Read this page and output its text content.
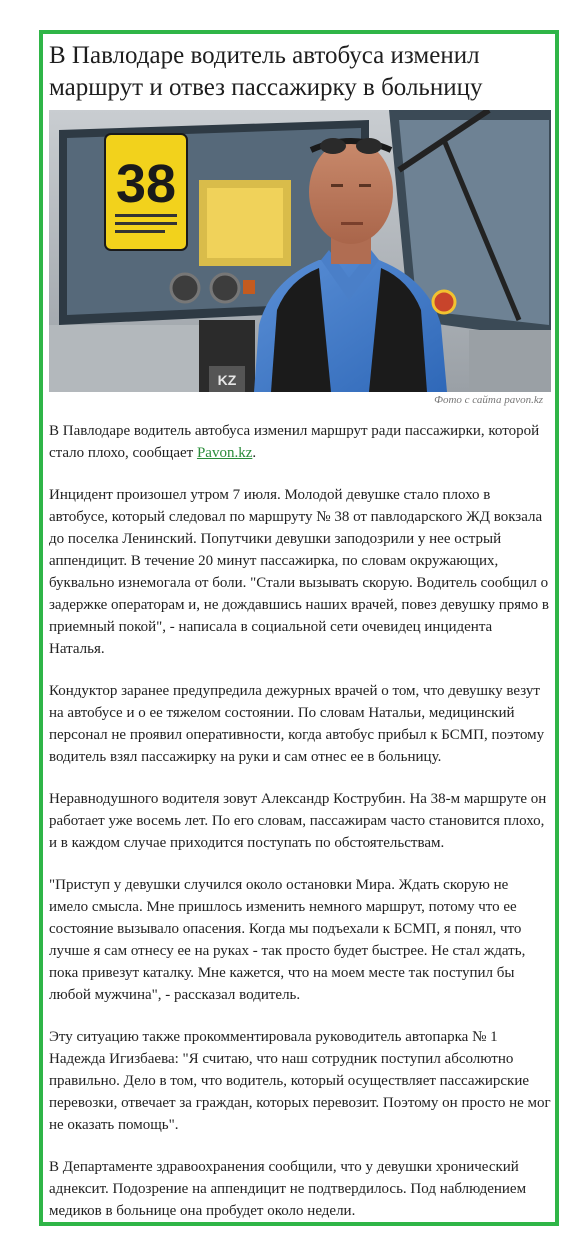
В Павлодаре водитель автобуса изменил маршрут и отвез пассажирку в больницу
38
KZ
Фото с сайта pavon.kz

В Павлодаре водитель автобуса изменил маршрут ради пассажирки, которой стало плохо, сообщает Pavon.kz.

Инцидент произошел утром 7 июля. Молодой девушке стало плохо в автобусе, который следовал по маршруту № 38 от павлодарского ЖД вокзала до поселка Ленинский. Попутчики девушки заподозрили у нее острый аппендицит. В течение 20 минут пассажирка, по словам окружающих, буквально изнемогала от боли. "Стали вызывать скорую. Водитель сообщил о задержке операторам и, не дождавшись наших врачей, повез девушку прямо в приемный покой", - написала в социальной сети очевидец инцидента Наталья.

Кондуктор заранее предупредила дежурных врачей о том, что девушку везут на автобусе и о ее тяжелом состоянии. По словам Натальи, медицинский персонал не проявил оперативности, когда автобус прибыл к БСМП, поэтому водитель взял пассажирку на руки и сам отнес ее в больницу.

Неравнодушного водителя зовут Александр Кострубин. На 38-м маршруте он работает уже восемь лет. По его словам, пассажирам часто становится плохо, и в каждом случае приходится поступать по обстоятельствам.

"Приступ у девушки случился около остановки Мира. Ждать скорую не имело смысла. Мне пришлось изменить немного маршрут, потому что ее состояние вызывало опасения. Когда мы подъехали к БСМП, я понял, что лучше я сам отнесу ее на руках - так просто будет быстрее. Не стал ждать, пока привезут каталку. Мне кажется, что на моем месте так поступил бы любой мужчина", - рассказал водитель.

Эту ситуацию также прокомментировала руководитель автопарка № 1 Надежда Игизбаева: "Я считаю, что наш сотрудник поступил абсолютно правильно. Дело в том, что водитель, который осуществляет пассажирские перевозки, отвечает за граждан, которых перевозит. Поэтому он просто не мог не оказать помощь".

В Департаменте здравоохранения сообщили, что у девушки хронический аднексит. Подозрение на аппендицит не подтвердилось. Под наблюдением медиков в больнице она пробудет около недели.
